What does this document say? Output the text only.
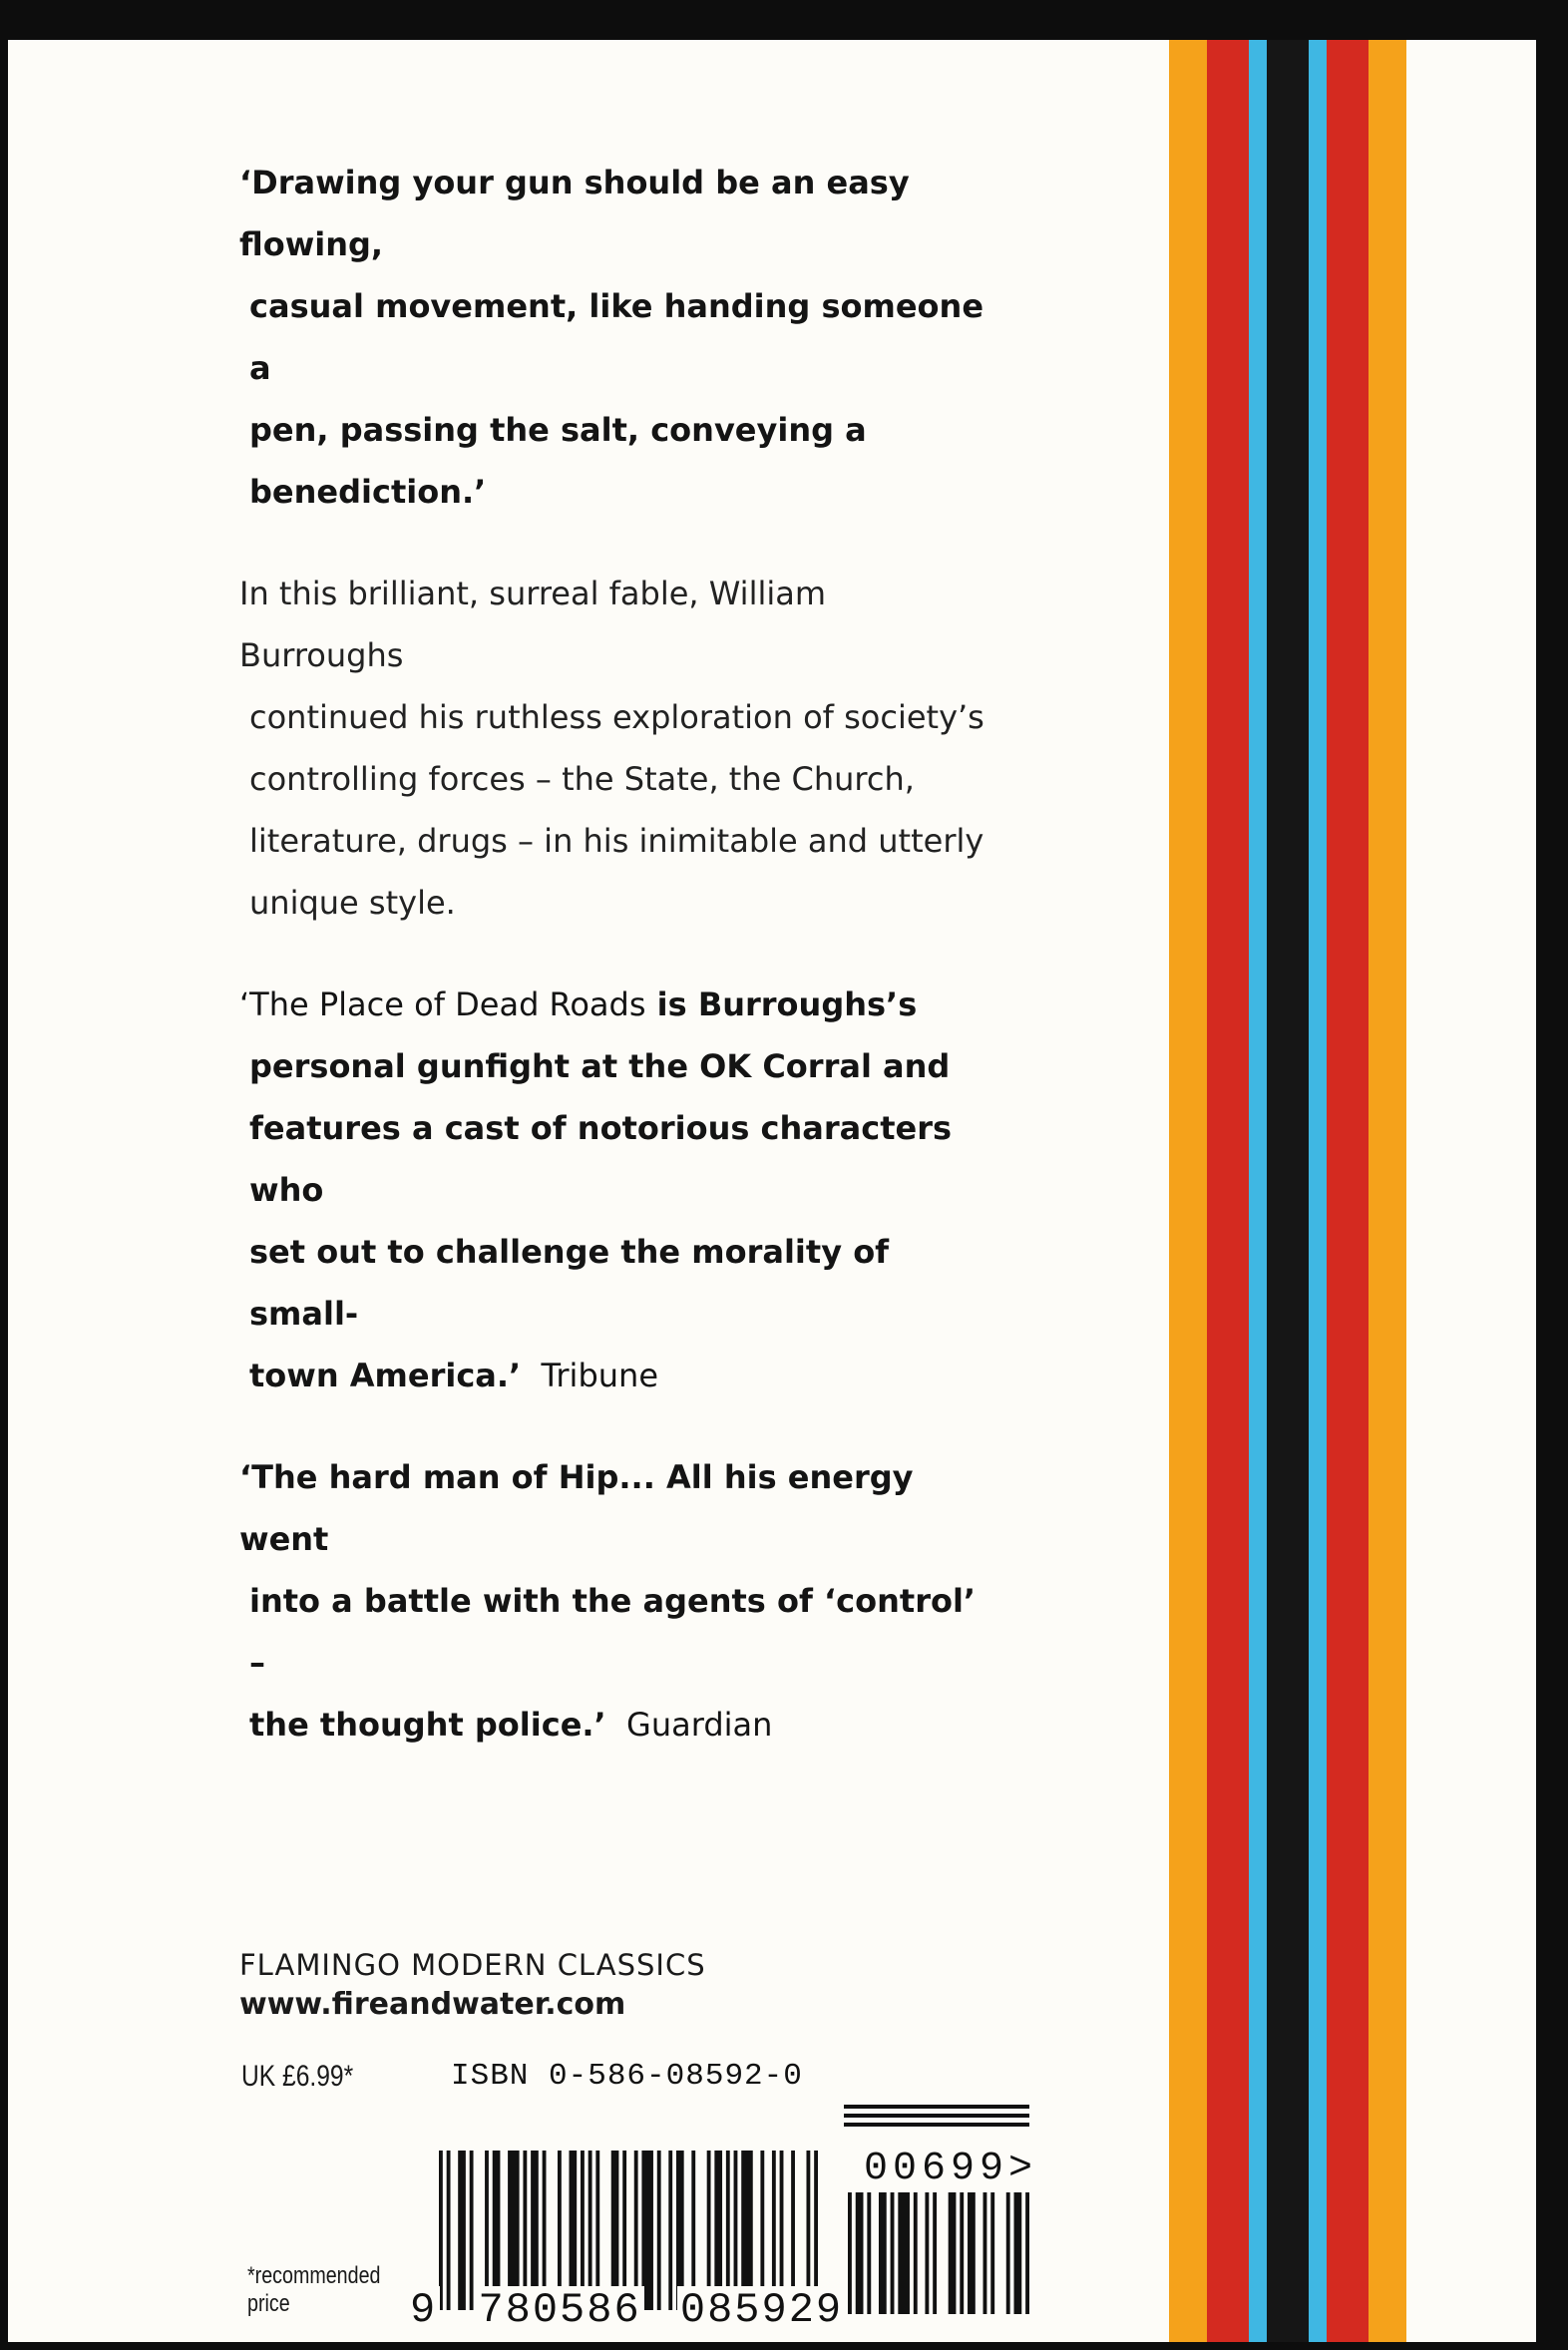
‘Drawing your gun should be an easy flowing,
casual movement, like handing someone a pen, passing the salt, conveying a benediction.’
In this brilliant, surreal fable, William Burroughs
continued his ruthless exploration of society’s controlling forces – the State, the Church, literature, drugs – in his inimitable and utterly unique style.
‘The Place of Dead Roads is Burroughs’s
personal gunfight at the OK Corral and
features a cast of notorious characters who
set out to challenge the morality of small-
town America.’ Tribune
‘The hard man of Hip... All his energy went
into a battle with the agents of ‘control’ –
the thought police.’ Guardian
FLAMINGO MODERN CLASSICS
www.fireandwater.com
UK £6.99*	ISBN 0-586-08592-0
*recommended
price	9 780586 085929
00699>
